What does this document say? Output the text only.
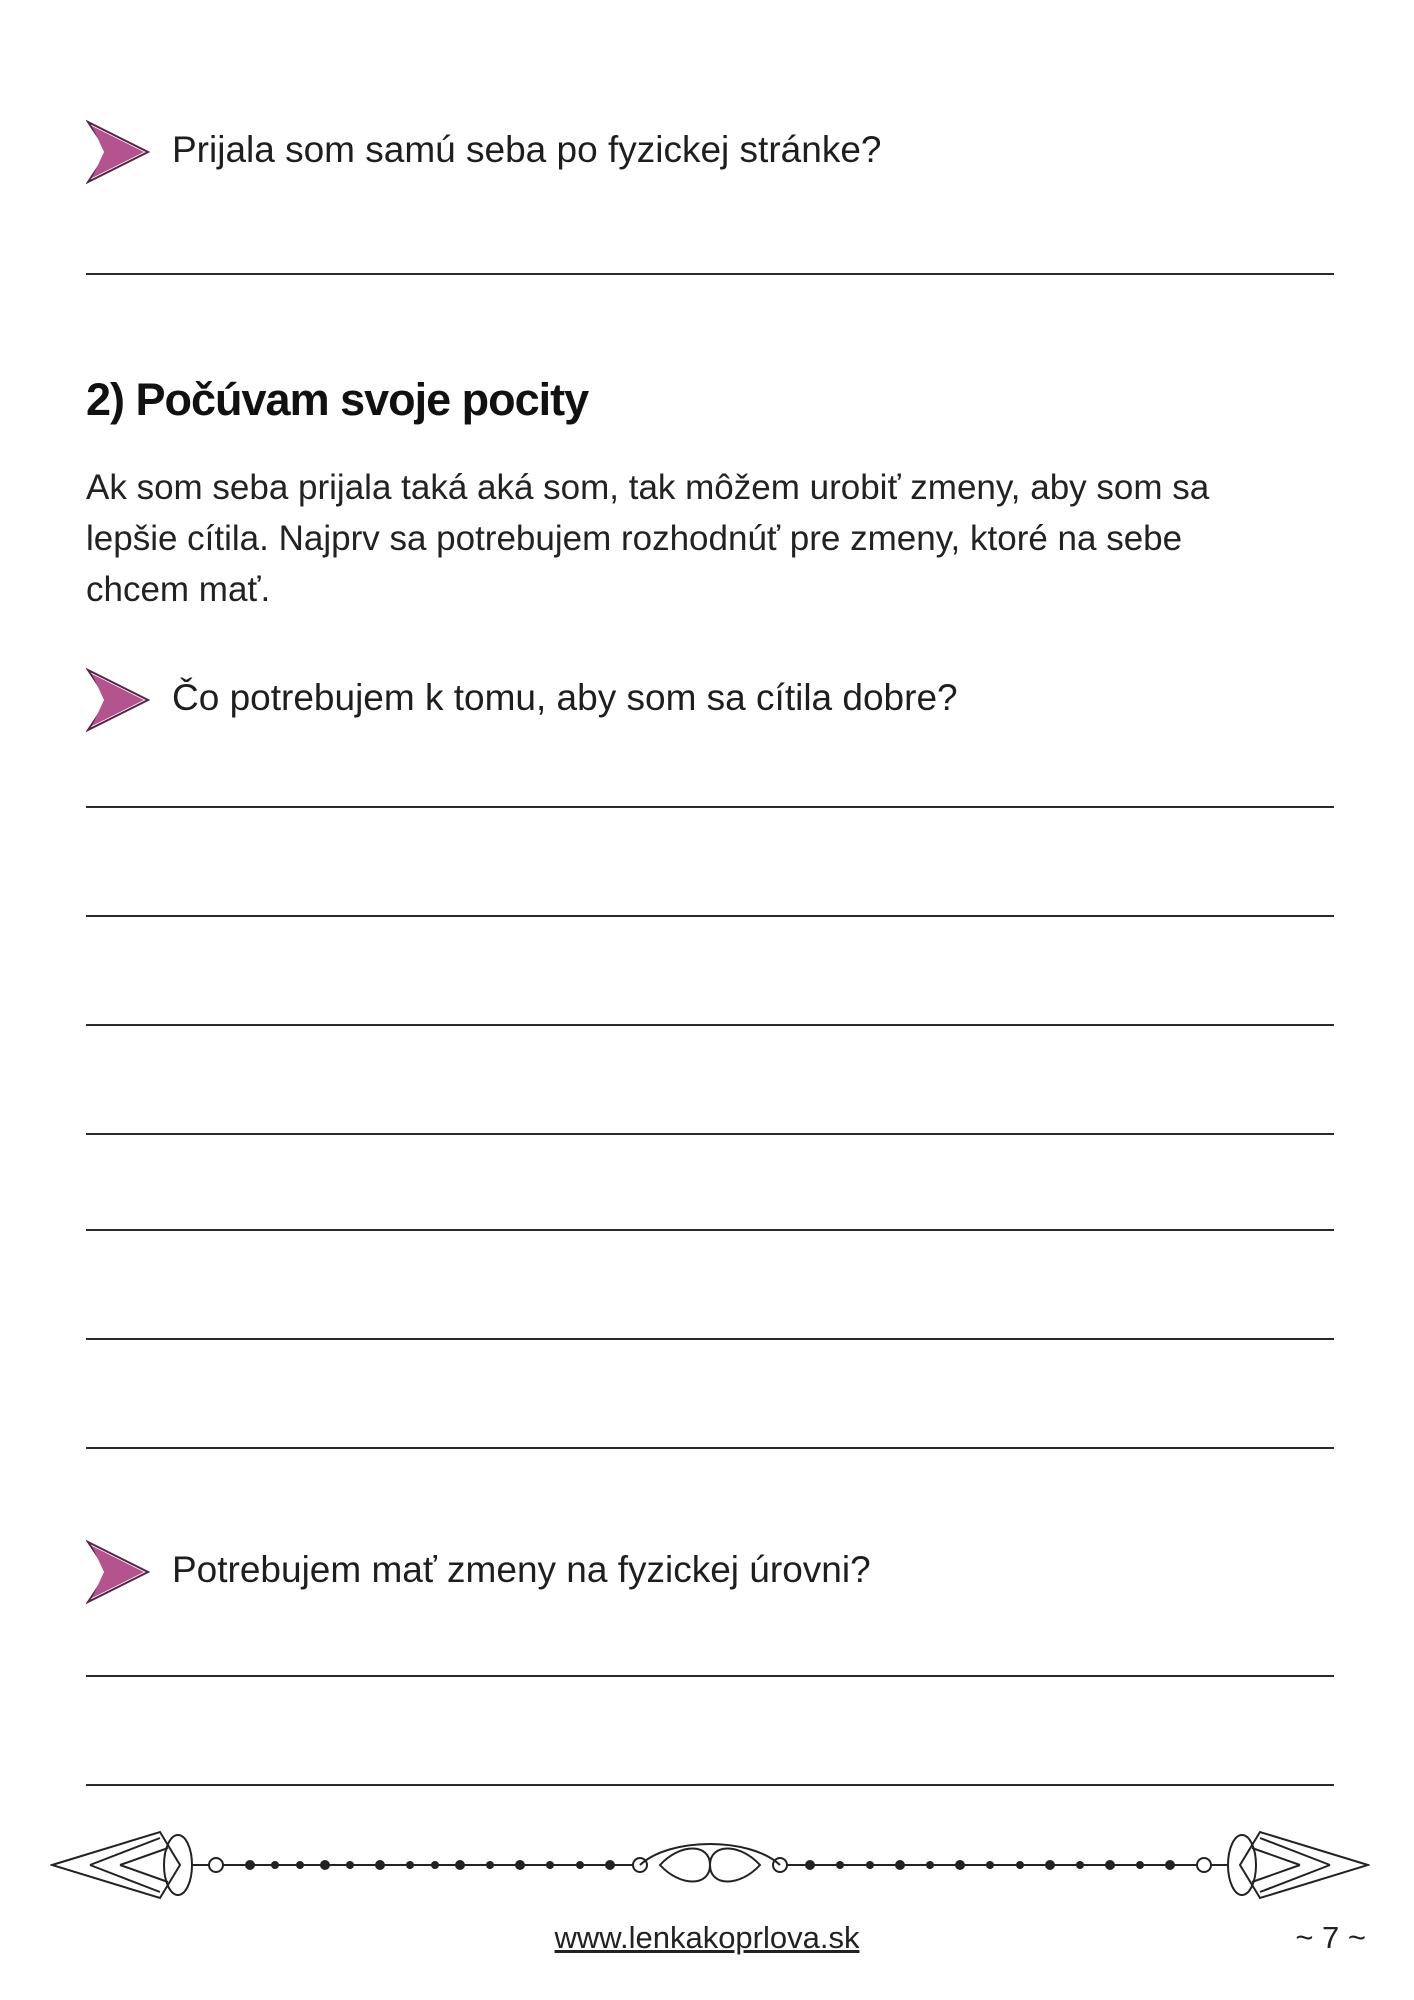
Prijala som samú seba po fyzickej stránke?
2) Počúvam svoje pocity
Ak som seba prijala taká aká som, tak môžem urobiť zmeny, aby som sa
lepšie cítila. Najprv sa potrebujem rozhodnúť pre zmeny, ktoré na sebe
chcem mať.
Čo potrebujem k tomu, aby som sa cítila dobre?
Potrebujem mať zmeny na fyzickej úrovni?
www.lenkakoprlova.sk	~ 7 ~
